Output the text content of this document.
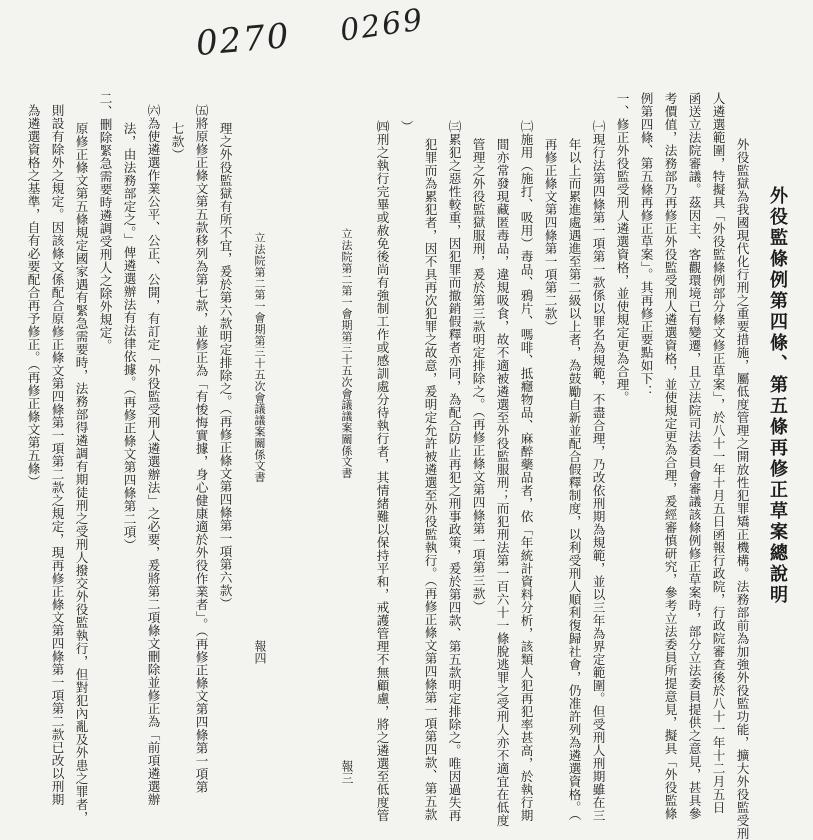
0270 0269
外役監條例第四條、第五條再修正草案總說明
外役監獄為我國現代化行刑之重要措施，屬低度管理之開放性犯罪矯正機構。法務部前為加強外役監功能，擴大外役監受刑
人遴選範圍，特擬具「外役監條例部分條文修正草案」，於八十一年十月五日函報行政院，行政院審查後於八十一年十二月五日
函送立法院審議。茲因主、客觀環境已有變遷，且立法院司法委員會審議該條例修正草案時，部分立法委員提供之意見，甚具參
考價值，法務部乃再修正外役監受刑人遴選資格，並使規定更為合理，爰經審慎研究，參考立法委員所提意見，擬具「外役監條
例第四條、第五條再修正草案」。其再修正要點如下：
一、修正外役監受刑人遴選資格，並使規定更為合理。
㈠現行法第四條第一項第一款係以罪名為規範，不盡合理，乃改依刑期為規範，並以三年為界定範圍。但受刑人刑期雖在三
年以上而累進處遇進至第二級以上者，為鼓勵自新並配合假釋制度，以利受刑人順利復歸社會，仍准許列為遴選資格。（
再修正條文第四條第一項第二款）
㈡施用（施打、吸用）毒品、鴉片、嗎啡、抵癮物品、麻醉藥品者，依「年統計資料分析，該類人犯再犯率甚高，於執行期
間亦常發現藏匿毒品，違規吸食，故不適被遴選至外役監服刑；而犯刑法第一百六十一條脫逃罪之受刑人亦不適宜在低度
管理之外役監獄服刑，爰於第三款明定排除之。（再修正條文第四條第一項第三款）
㈢累犯之惡性較重，因犯罪而撤銷假釋者亦同，為配合防止再犯之刑事政策，爰於第四款、第五款明定排除之。唯因過失再
犯罪而為累犯者，因不具再次犯罪之故意，爰明定允許被遴選至外役監執行。（再修正條文第四條第一項第四款、第五款
）
㈣刑之執行完畢或赦免後尚有強制工作或感訓處分待執行者，其情緒難以保持平和，戒護管理不無顧慮，將之遴選至低度管
立法院第二第一會期第三十五次會議議案關係文書
報三
立法院第二第一會期第三十五次會議議案關係文書
報四
理之外役監獄有所不宜，爰於第六款明定排除之。（再修正條文第四條第一項第六款）
㈤將原修正條文第五款移列為第七款，並修正為「有悛悔實據，身心健康適於外役作業者」。（再修正條文第四條第一項第
七款）
㈥為使遴選作業公平、公正、公開，有訂定「外役監受刑人遴選辦法」之必要，爰將第二項條文刪除並修正為「前項遴選辦
法，由法務部定之。」俾遴選辦法有法律依據。（再修正條文第四條第二項）
二、刪除緊急需要時遴調受刑人之除外規定。
原修正條文第五條規定國家遇有緊急需要時，法務部得遴調有期徒刑之受刑人撥交外役監執行，但對犯內亂及外患之罪者，
則設有除外之規定。因該條文係配合原修正條文第四條第一項第二款之規定，現再修正條文第四條第一項第二款已改以刑期
為遴選資格之基準，自有必要配合再予修正。（再修正條文第五條）
